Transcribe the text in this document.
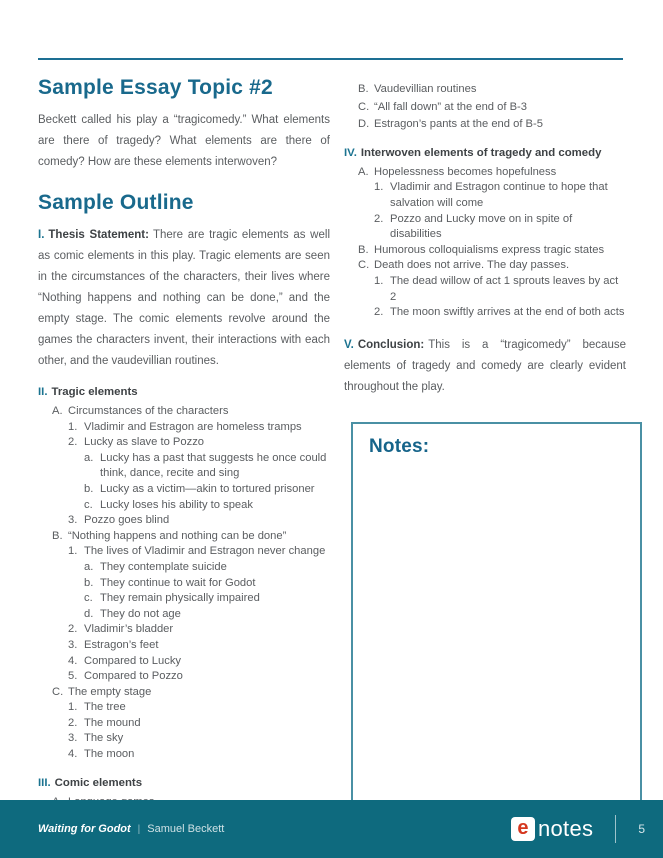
Sample Essay Topic #2

Beckett called his play a “tragicomedy.” What elements are there of tragedy? What elements are there of comedy? How are these elements interwoven?

Sample Outline

I. Thesis Statement: There are tragic elements as well as comic elements in this play. Tragic elements are seen in the circumstances of the characters, their lives where “Nothing happens and nothing can be done,” and the empty stage. The comic elements revolve around the games the characters invent, their interactions with each other, and the vaudevillian routines.

II. Tragic elements
A. Circumstances of the characters
1. Vladimir and Estragon are homeless tramps
2. Lucky as slave to Pozzo
a. Lucky has a past that suggests he once could think, dance, recite and sing
b. Lucky as a victim—akin to tortured prisoner
c. Lucky loses his ability to speak
3. Pozzo goes blind
B. “Nothing happens and nothing can be done”
1. The lives of Vladimir and Estragon never change
a. They contemplate suicide
b. They continue to wait for Godot
c. They remain physically impaired
d. They do not age
2. Vladimir’s bladder
3. Estragon’s feet
4. Compared to Lucky
5. Compared to Pozzo
C. The empty stage
1. The tree
2. The mound
3. The sky
4. The moon
III. Comic elements
B. Vaudevillian routines
C. “All fall down” at the end of B-3
D. Estragon’s pants at the end of B-5
IV. Interwoven elements of tragedy and comedy
A. Hopelessness becomes hopefulness
1. Vladimir and Estragon continue to hope that salvation will come
2. Pozzo and Lucky move on in spite of disabilities
B. Humorous colloquialisms express tragic states
C. Death does not arrive. The day passes.
1. The dead willow of act 1 sprouts leaves by act 2
2. The moon swiftly arrives at the end of both acts

V. Conclusion: This is a “tragicomedy” because elements of tragedy and comedy are clearly evident throughout the play.

Notes:
Waiting for Godot | Samuel Beckett	e notes	5
